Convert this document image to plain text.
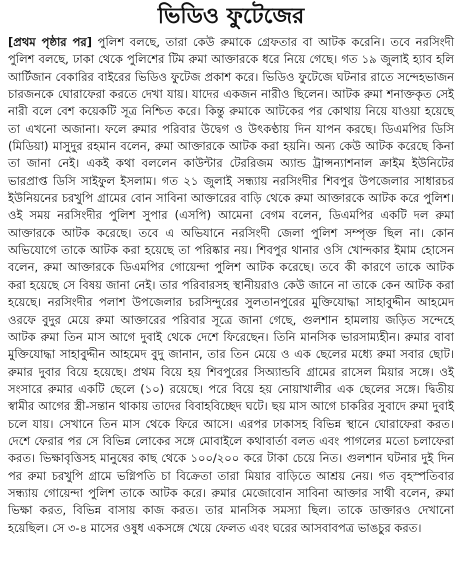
ভিডিও ফুটেজের

[প্রথম পৃষ্ঠার পর] পুলিশ বলছে, তারা কেউ রুমাকে গ্রেফতার বা আটক করেনি। তবে নরসিংদী পুলিশ বলছে, ঢাকা থেকে পুলিশের টিম রুমা আক্তারকে ধরে নিয়ে গেছে। গত ১৯ জুলাই হ্যাব হলি আর্টিজান বেকারির বাইরের ভিডিও ফুটেজ প্রকাশ করে। ভিডিও ফুটেজে ঘটনার রাতে সন্দেহভাজন চারজনকে ঘোরাফেরা করতে দেখা যায়। যাদের একজন নারীও ছিলেন। আটক রুমা শনাক্তকৃত সেই নারী বলে বেশ কয়েকটি সূত্র নিশ্চিত করে। কিন্তু রুমাকে আটকের পর কোথায় নিয়ে যাওয়া হয়েছে তা এখনো অজানা। ফলে রুমার পরিবার উদ্বেগ ও উৎকণ্ঠায় দিন যাপন করছে। ডিএমপির ডিসি (মিডিয়া) মাসুদুর রহমান বলেন, রুমা আক্তারকে আটক করা হয়নি। অন্য কেউ আটক করেছে কিনা তা জানা নেই। একই কথা বললেন কাউন্টার টেররিজম অ্যান্ড ট্রান্সন্যাশনাল ক্রাইম ইউনিটের ভারপ্রাপ্ত ডিসি সাইফুল ইসলাম। গত ২১ জুলাই সন্ধ্যায় নরসিংদীর শিবপুর উপজেলার সাধারচর ইউনিয়নের চরখুপি গ্রামের বোন সাবিনা আক্তারের বাড়ি থেকে রুমা আক্তারকে আটক করে পুলিশ। ওই সময় নরসিংদীর পুলিশ সুপার (এসপি) আমেনা বেগম বলেন, ডিএমপির একটি দল রুমা আক্তারকে আটক করেছে। তবে এ অভিযানে নরসিংদী জেলা পুলিশ সম্পৃক্ত ছিল না। কোন অভিযোগে তাকে আটক করা হয়েছে তা পরিষ্কার নয়। শিবপুর থানার ওসি খোন্দকার ইমাম হোসেন বলেন, রুমা আক্তারকে ডিএমপির গোয়েন্দা পুলিশ আটক করেছে। তবে কী কারণে তাকে আটক করা হয়েছে সে বিষয় জানা নেই। তার পরিবারসহ স্থানীয়রাও কেউ জানে না তাকে কেন আটক করা হয়েছে। নরসিংদীর পলাশ উপজেলার চরসিন্দুরের সুলতানপুরের মুক্তিযোদ্ধা সাহাবুদ্দীন আহমেদ ওরফে বুদুর মেয়ে রুমা আক্তারের পরিবার সূত্রে জানা গেছে, গুলশান হামলায় জড়িত সন্দেহে আটক রুমা তিন মাস আগে দুবাই থেকে দেশে ফিরেছেন। তিনি মানসিক ভারসাম্যহীন। রুমার বাবা মুক্তিযোদ্ধা সাহাবুদ্দীন আহমেদ বুদু জানান, তার তিন মেয়ে ও এক ছেলের মধ্যে রুমা সবার ছোট। রুমার দুবার বিয়ে হয়েছে। প্রথম বিয়ে হয় শিবপুরের সিঅ্যান্ডবি গ্রামের রাসেল মিয়ার সঙ্গে। ওই সংসারে রুমার একটি ছেলে (১০) রয়েছে। পরে বিয়ে হয় নোয়াখালীর এক ছেলের সঙ্গে। দ্বিতীয় স্বামীর আগের স্ত্রী-সন্তান থাকায় তাদের বিবাহবিচ্ছেদ ঘটে। ছয় মাস আগে চাকরির সুবাদে রুমা দুবাই চলে যায়। সেখানে তিন মাস থেকে ফিরে আসে। এরপর ঢাকাসহ বিভিন্ন স্থানে ঘোরাফেরা করত। দেশে ফেরার পর সে বিভিন্ন লোকের সঙ্গে মোবাইলে কথাবার্তা বলত এবং পাগলের মতো চলাফেরা করত। ভিক্ষাবৃত্তিসহ মানুষের কাছ থেকে ১০০/২০০ করে টাকা চেয়ে নিত। গুলশান ঘটনার দুই দিন পর রুমা চরখুপি গ্রামে ভগ্নিপতি চা বিক্রেতা তারা মিয়ার বাড়িতে আশ্রয় নেয়। গত বৃহস্পতিবার সন্ধ্যায় গোয়েন্দা পুলিশ তাকে আটক করে। রুমার মেজোবোন সাবিনা আক্তার সাথী বলেন, রুমা ভিক্ষা করত, বিভিন্ন বাসায় কাজ করত। তার মানসিক সমস্যা ছিল। তাকে ডাক্তারও দেখানো হয়েছিল। সে ৩-৪ মাসের ওষুধ একসঙ্গে খেয়ে ফেলত এবং ঘরের আসবাবপত্র ভাঙচুর করত।
